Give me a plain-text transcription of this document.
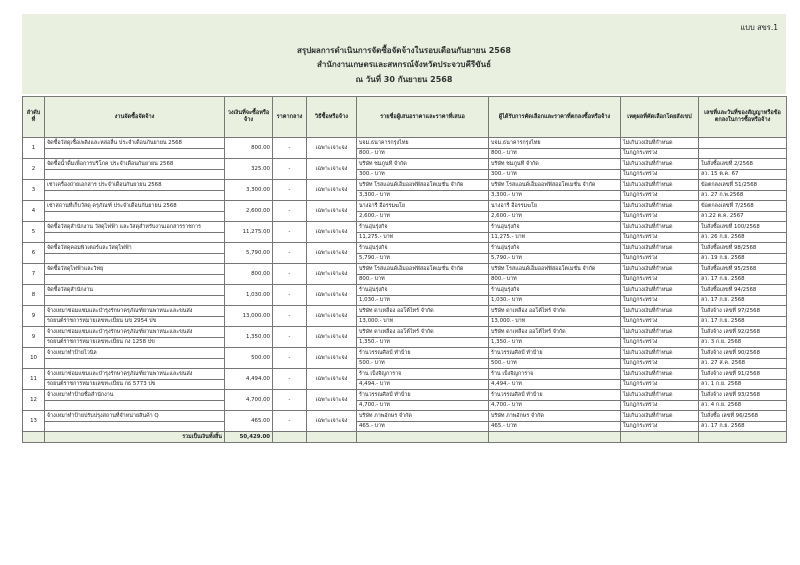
แบบ สขร.1
สรุปผลการดำเนินการจัดซื้อจัดจ้างในรอบเดือนกันยายน 2568
สำนักงานเกษตรและสหกรณ์จังหวัดประจวบคีรีขันธ์
ณ วันที่ 30 กันยายน 2568
ลำดับที่	งานจัดซื้อจัดจ้าง	วงเงินที่จะซื้อหรือจ้าง	ราคากลาง	วิธีซื้อหรือจ้าง	รายชื่อผู้เสนอราคาและราคาที่เสนอ	ผู้ได้รับการคัดเลือกและราคาที่ตกลงซื้อหรือจ้าง	เหตุผลที่คัดเลือกโดยสังเขป	เลขที่และวันที่ของสัญญาหรือข้อตกลงในการซื้อหรือจ้าง
1	จัดซื้อวัสดุเชื้อเพลิงและหล่อลื่น ประจำเดือนกันยายน 2568	800.00	-	เฉพาะเจาะจง	บจม.ธนาคารกรุงไทย	บจม.ธนาคารกรุงไทย	ไม่เกินวงเงินที่กำหนด	
					800.- บาท	800.- บาท	ในกฎกระทรวง	
2	จัดซื้อน้ำดื่มเพื่อการบริโภค ประจำเดือนกันยายน 2568	325.00	-	เฉพาะเจาะจง	บริษัท ชมภูนที จำกัด	บริษัท ชมภูนที จำกัด	ไม่เกินวงเงินที่กำหนด	ใบสั่งซื้อเลขที่ 2/2568
					300.- บาท	300.- บาท	ในกฎกระทรวง	ลว. 15 ต.ค. 67
3	เช่าเครื่องถ่ายเอกสาร ประจำเดือนกันยายน 2568	3,300.00	-	เฉพาะเจาะจง	บริษัท โรสแอนด์เอ็มออฟฟิสออโตเมชั่น จำกัด	บริษัท โรสแอนด์เอ็มออฟฟิสออโตเมชั่น จำกัด	ไม่เกินวงเงินที่กำหนด	ข้อตกลงเลขที่ 51/2568
					3,300.- บาท	3,300.- บาท	ในกฎกระทรวง	ลว. 27 ก.พ.2568
4	เช่าสถานที่เก็บวัสดุ ครุภัณฑ์ ประจำเดือนกันยายน 2568	2,600.00	-	เฉพาะเจาะจง	นางอารี อีอรรมฆโย	นางอารี อีอรรมฆโย	ไม่เกินวงเงินที่กำหนด	ข้อตกลงเลขที่ 7/2568
					2,600.- บาท	2,600.- บาท	ในกฎกระทรวง	ลว.22 ต.ค. 2567
5	จัดซื้อวัสดุสำนักงาน วัสดุไฟฟ้า และวัสดุสำหรับงานเอกสารราชการ	11,275.00	-	เฉพาะเจาะจง	ร้านอุ่นรุ่งกิจ	ร้านอุ่นรุ่งกิจ	ไม่เกินวงเงินที่กำหนด	ใบสั่งซื้อเลขที่ 100/2568
					11,275.- บาท	11,275.- บาท	ในกฎกระทรวง	ลว. 26 ก.ย. 2568
6	จัดซื้อวัสดุคอมพิวเตอร์และวัสดุไฟฟ้า	5,790.00	-	เฉพาะเจาะจง	ร้านอุ่นรุ่งกิจ	ร้านอุ่นรุ่งกิจ	ไม่เกินวงเงินที่กำหนด	ใบสั่งซื้อเลขที่ 98/2568
					5,790.- บาท	5,790.- บาท	ในกฎกระทรวง	ลว. 19 ก.ย. 2568
7	จัดซื้อวัสดุไฟฟ้าและวิทยุ	800.00	-	เฉพาะเจาะจง	บริษัท โรสแอนด์เอ็มออฟฟิสออโตเมชั่น จำกัด	บริษัท โรสแอนด์เอ็มออฟฟิสออโตเมชั่น จำกัด	ไม่เกินวงเงินที่กำหนด	ใบสั่งซื้อเลขที่ 95/2568
					800.- บาท	800.- บาท	ในกฎกระทรวง	ลว. 17 ก.ย. 2568
8	จัดซื้อวัสดุสำนักงาน	1,030.00	-	เฉพาะเจาะจง	ร้านอุ่นรุ่งกิจ	ร้านอุ่นรุ่งกิจ	ไม่เกินวงเงินที่กำหนด	ใบสั่งซื้อเลขที่ 94/2568
					1,030.- บาท	1,030.- บาท	ในกฎกระทรวง	ลว. 17 ก.ย. 2568
9	จ้างเหมาซ่อมแซมและบำรุงรักษาครุภัณฑ์ยานพาหนะและขนส่ง	13,000.00	-	เฉพาะเจาะจง	บริษัท ดาเหลือง ออโต้ไทร์ จำกัด	บริษัท ดาเหลือง ออโต้ไทร์ จำกัด	ไม่เกินวงเงินที่กำหนด	ใบสั่งจ้าง เลขที่ 97/2568
	รถยนต์ราชการหมายเลขทะเบียน นข 2954 ปข				13,000.- บาท	13,000.- บาท	ในกฎกระทรวง	ลว. 17 ก.ย. 2568
9	จ้างเหมาซ่อมแซมและบำรุงรักษาครุภัณฑ์ยานพาหนะและขนส่ง	1,350.00	-	เฉพาะเจาะจง	บริษัท ดาเหลือง ออโต้ไทร์ จำกัด	บริษัท ดาเหลือง ออโต้ไทร์ จำกัด	ไม่เกินวงเงินที่กำหนด	ใบสั่งจ้าง เลขที่ 92/2568
	รถยนต์ราชการหมายเลขทะเบียน กง 1258 ปข				1,350.- บาท	1,350.- บาท	ในกฎกระทรวง	ลว. 3 ก.ย. 2568
10	จ้างเหมาทำป้ายไวนิล	500.00	-	เฉพาะเจาะจง	ร้านวรรณศิลป์ ทำป้าย	ร้านวรรณศิลป์ ทำป้าย	ไม่เกินวงเงินที่กำหนด	ใบสั่งจ้าง เลขที่ 90/2568
					500.- บาท	500.- บาท	ในกฎกระทรวง	ลว. 27 ส.ค. 2568
11	จ้างเหมาซ่อมแซมและบำรุงรักษาครุภัณฑ์ยานพาหนะและขนส่ง	4,494.00	-	เฉพาะเจาะจง	ร้าน เบ็งจิญการาจ	ร้าน เบ็งจิญการาจ	ไม่เกินวงเงินที่กำหนด	ใบสั่งจ้าง เลขที่ 91/2568
	รถยนต์ราชการหมายเลขทะเบียน กธ 5773 ปข				4,494.- บาท	4,494.- บาท	ในกฎกระทรวง	ลว. 1 ก.ย. 2568
12	จ้างเหมาทำป้ายชื่อสำนักงาน	4,700.00	-	เฉพาะเจาะจง	ร้านวรรณศิลป์ ทำป้าย	ร้านวรรณศิลป์ ทำป้าย	ไม่เกินวงเงินที่กำหนด	ใบสั่งจ้าง เลขที่ 93/2568
					4,700.- บาท	4,700.- บาท	ในกฎกระทรวง	ลว. 4 ก.ย. 2568
13	จ้างเหมาทำป้ายปรับปรุงสถานที่จำหน่ายสินค้า Q	465.00	-	เฉพาะเจาะจง	บริษัท ภาพอักษร จำกัด	บริษัท ภาพอักษร จำกัด	ไม่เกินวงเงินที่กำหนด	ใบสั่งซื้อ เลขที่ 96/2568
					465.- บาท	465.- บาท	ในกฎกระทรวง	ลว. 17 ก.ย. 2568
	รวมเป็นเงินทั้งสิ้น	50,429.00						
